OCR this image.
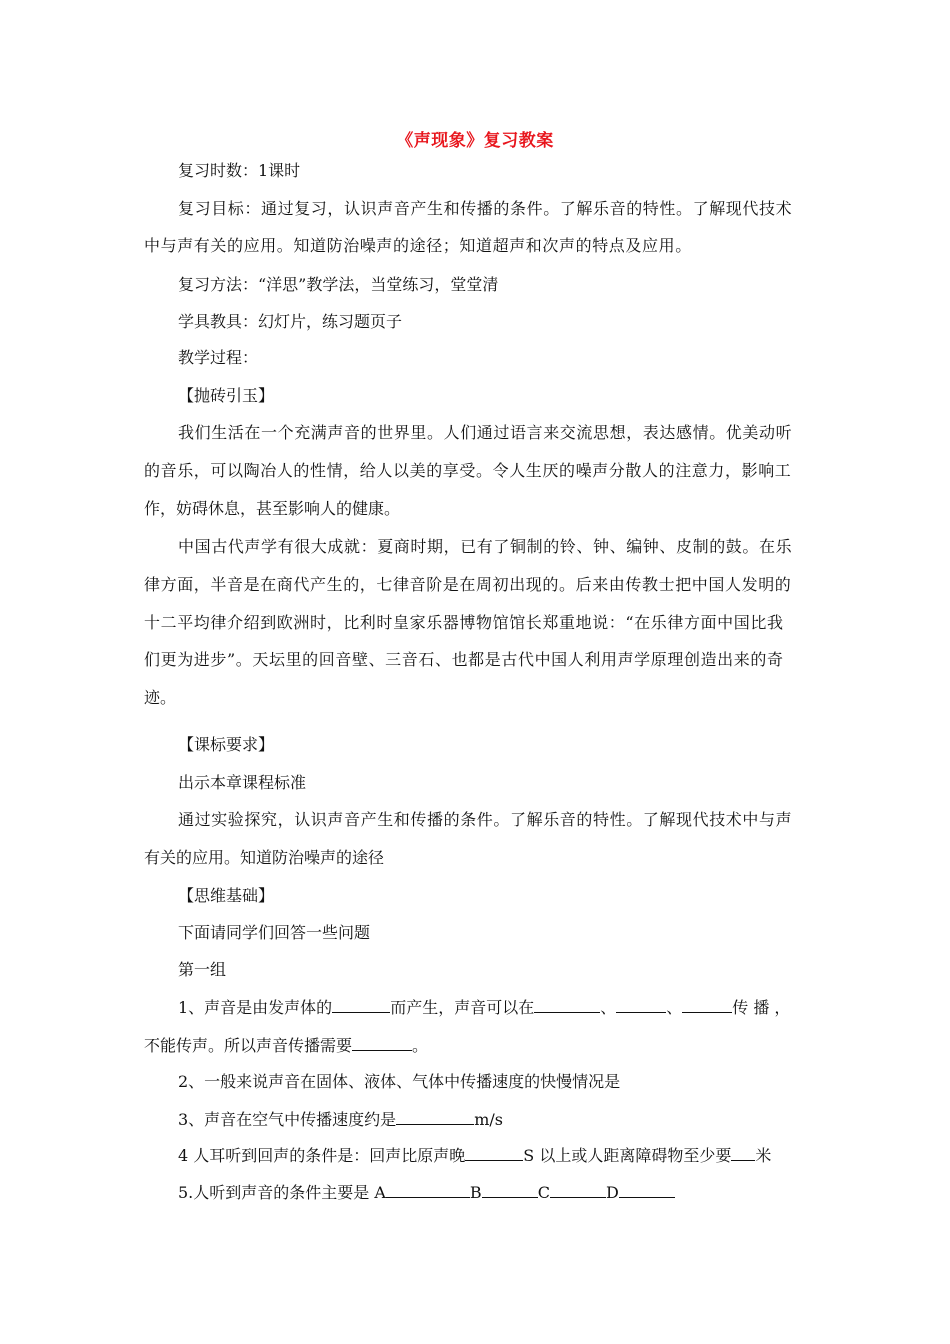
《声现象》复习教案
复习时数：1课时
复习目标：通过复习，认识声音产生和传播的条件。了解乐音的特性。了解现代技术
中与声有关的应用。知道防治噪声的途径；知道超声和次声的特点及应用。
复习方法：“洋思”教学法，当堂练习，堂堂清
学具教具：幻灯片，练习题页子
教学过程：
【抛砖引玉】
我们生活在一个充满声音的世界里。人们通过语言来交流思想，表达感情。优美动听
的音乐，可以陶冶人的性情，给人以美的享受。令人生厌的噪声分散人的注意力，影响工
作，妨碍休息，甚至影响人的健康。
中国古代声学有很大成就：夏商时期，已有了铜制的铃、钟、编钟、皮制的鼓。在乐
律方面，半音是在商代产生的，七律音阶是在周初出现的。后来由传教士把中国人发明的
十二平均律介绍到欧洲时，比利时皇家乐器博物馆馆长郑重地说：“在乐律方面中国比我
们更为进步”。天坛里的回音壁、三音石、也都是古代中国人利用声学原理创造出来的奇
迹。
【课标要求】
出示本章课程标准
通过实验探究，认识声音产生和传播的条件。了解乐音的特性。了解现代技术中与声
有关的应用。知道防治噪声的途径
【思维基础】
下面请同学们回答一些问题
第一组
1、声音是由发声体的	而产生，声音可以在	、	、	传 播 ，
不能传声。所以声音传播需要	。
2、一般来说声音在固体、液体、气体中传播速度的快慢情况是
3、声音在空气中传播速度约是	m/s
4 人耳听到回声的条件是：回声比原声晚	S 以上或人距离障碍物至少要 米
5.人听到声音的条件主要是 A	B	C	D
